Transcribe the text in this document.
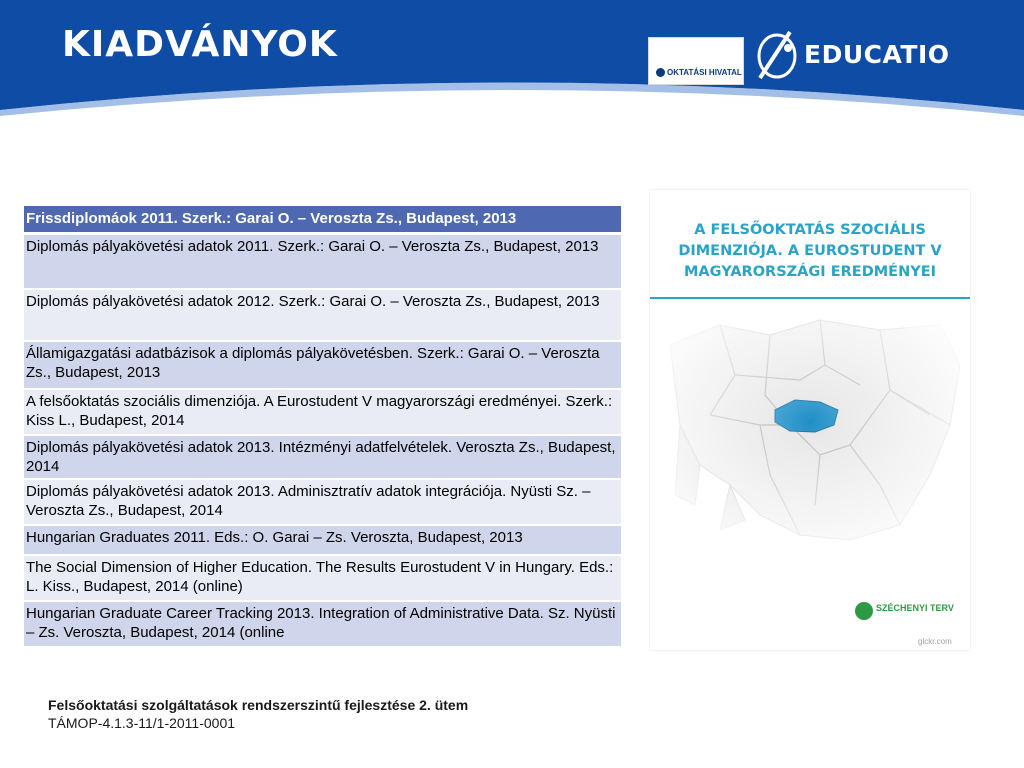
KIADVÁNYOK
OKTATÁSI HIVATAL
EDUCATIO
Frissdiplomáok 2011. Szerk.: Garai O. – Veroszta Zs., Budapest, 2013
Diplomás pályakövetési adatok 2011. Szerk.: Garai O. – Veroszta Zs., Budapest, 2013
Diplomás pályakövetési adatok 2012. Szerk.: Garai O. – Veroszta Zs., Budapest, 2013
Államigazgatási adatbázisok a diplomás pályakövetésben. Szerk.: Garai O. – Veroszta Zs., Budapest, 2013
A felsőoktatás szociális dimenziója. A Eurostudent V magyarországi eredményei. Szerk.: Kiss L., Budapest, 2014
Diplomás pályakövetési adatok 2013. Intézményi adatfelvételek. Veroszta Zs., Budapest, 2014
Diplomás pályakövetési adatok 2013. Adminisztratív adatok integrációja. Nyüsti Sz. – Veroszta Zs., Budapest, 2014
Hungarian Graduates 2011. Eds.: O. Garai – Zs. Veroszta, Budapest, 2013
The Social Dimension of Higher Education. The Results Eurostudent V in Hungary. Eds.: L. Kiss., Budapest, 2014 (online)
Hungarian Graduate Career Tracking 2013. Integration of Administrative Data. Sz. Nyüsti – Zs. Veroszta, Budapest, 2014 (online
A FELSŐOKTATÁS SZOCIÁLIS
DIMENZIÓJA. A EUROSTUDENT V
MAGYARORSZÁGI EREDMÉNYEI
SZÉCHENYI TERV
glckr.com
Felsőoktatási szolgáltatások rendszerszintű fejlesztése 2. ütem
TÁMOP-4.1.3-11/1-2011-0001
